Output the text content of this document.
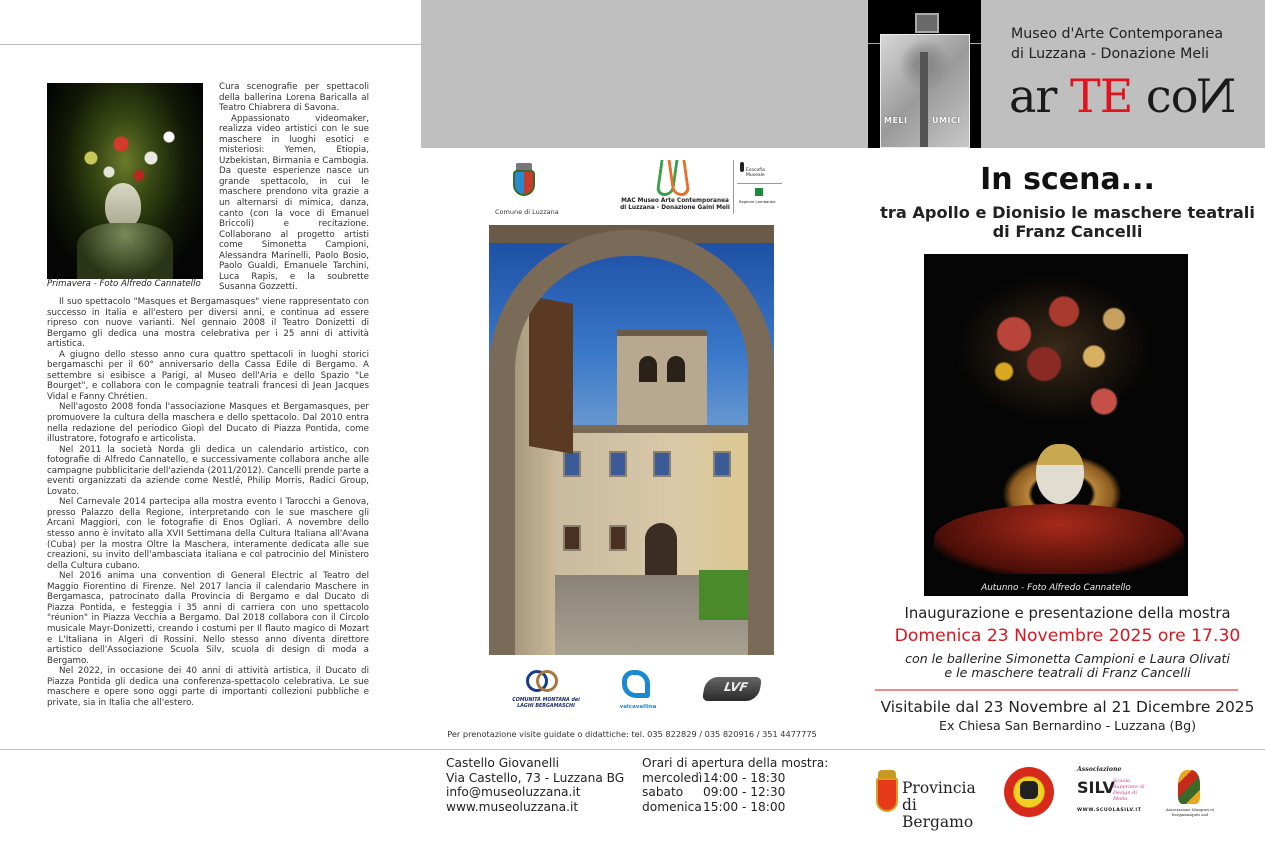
Primavera - Foto Alfredo Cannatello

Cura scenografie per spettacoli della ballerina Lorena Baricalla al Teatro Chiabrera di Savona.

Appassionato videomaker, realizza video artistici con le sue maschere in luoghi esotici e misteriosi: Yemen, Etiopia, Uzbekistan, Birmania e Cambogia. Da queste esperienze nasce un grande spettacolo, in cui le maschere prendono vita grazie a un alternarsi di mimica, danza, canto (con la voce di Emanuel Briccoli) e recitazione. Collaborano al progetto artisti come Simonetta Campioni, Alessandra Marinelli, Paolo Bosio, Paolo Gualdi, Emanuele Tarchini, Luca Rapis, e la soubrette Susanna Gozzetti.

Il suo spettacolo "Masques et Bergamasques" viene rappresentato con successo in Italia e all'estero per diversi anni, e continua ad essere ripreso con nuove varianti. Nel gennaio 2008 il Teatro Donizetti di Bergamo gli dedica una mostra celebrativa per i 25 anni di attività artistica.

A giugno dello stesso anno cura quattro spettacoli in luoghi storici bergamaschi per il 60° anniversario della Cassa Edile di Bergamo. A settembre si esibisce a Parigi, al Museo dell'Aria e dello Spazio "Le Bourget", e collabora con le compagnie teatrali francesi di Jean Jacques Vidal e Fanny Chrétien.

Nell'agosto 2008 fonda l'associazione Masques et Bergamasques, per promuovere la cultura della maschera e dello spettacolo. Dal 2010 entra nella redazione del periodico Giopì del Ducato di Piazza Pontida, come illustratore, fotografo e articolista.

Nel 2011 la società Norda gli dedica un calendario artistico, con fotografie di Alfredo Cannatello, e successivamente collabora anche alle campagne pubblicitarie dell'azienda (2011/2012). Cancelli prende parte a eventi organizzati da aziende come Nestlé, Philip Morris, Radici Group, Lovato.

Nel Carnevale 2014 partecipa alla mostra evento I Tarocchi a Genova, presso Palazzo della Regione, interpretando con le sue maschere gli Arcani Maggiori, con le fotografie di Enos Ogliari. A novembre dello stesso anno è invitato alla XVII Settimana della Cultura Italiana all'Avana (Cuba) per la mostra Oltre la Maschera, interamente dedicata alle sue creazioni, su invito dell'ambasciata italiana e col patrocinio del Ministero della Cultura cubano.

Nel 2016 anima una convention di General Electric al Teatro del Maggio Fiorentino di Firenze. Nel 2017 lancia il calendario Maschere in Bergamasca, patrocinato dalla Provincia di Bergamo e dal Ducato di Piazza Pontida, e festeggia i 35 anni di carriera con uno spettacolo "réunion" in Piazza Vecchia a Bergamo. Dal 2018 collabora con il Circolo musicale Mayr-Donizetti, creando i costumi per Il flauto magico di Mozart e L'Italiana in Algeri di Rossini. Nello stesso anno diventa direttore artistico dell'Associazione Scuola Silv, scuola di design di moda a Bergamo.

Nel 2022, in occasione dei 40 anni di attività artistica, il Ducato di Piazza Pontida gli dedica una conferenza-spettacolo celebrativa. Le sue maschere e opere sono oggi parte di importanti collezioni pubbliche e private, sia in Italia che all'estero.

Comune di Luzzana
MAC Museo Arte Contemporanea di Luzzana - Donazione Gaini Meli
Ecocofia Museale
Regione Lombardia
COMUNITÀ MONTANA dei LAGHI BERGAMASCHI	valcavallina
LVF
Per prenotazione visite guidate o didattiche: tel. 035 822829 / 035 820916 / 351 4477775
Castello Giovanelli
Via Castello, 73 - Luzzana BG
info@museoluzzana.it
www.museoluzzana.it
Orari di apertura della mostra:
mercoledì 14:00 - 18:30
sabato	09:00 - 12:30
domenica 15:00 - 18:00
MELI	UMICI
Museo d'Arte Contemporanea
di Luzzana - Donazione Meli
ar TE coN
In scena...
tra Apollo e Dionisio le maschere teatrali
di Franz Cancelli
Autunno - Foto Alfredo Cannatello
Inaugurazione e presentazione della mostra
Domenica 23 Novembre 2025 ore 17.30
con le ballerine Simonetta Campioni e Laura Olivati
e le maschere teatrali di Franz Cancelli
Visitabile dal 23 Novembre al 21 Dicembre 2025
Ex Chiesa San Bernardino - Luzzana (Bg)
Provincia
di Bergamo
Associazione
SILV
Scuola Superiore di Design di Moda
WWW.SCUOLASILV.IT	Associazione Masques et bergamasques asd
